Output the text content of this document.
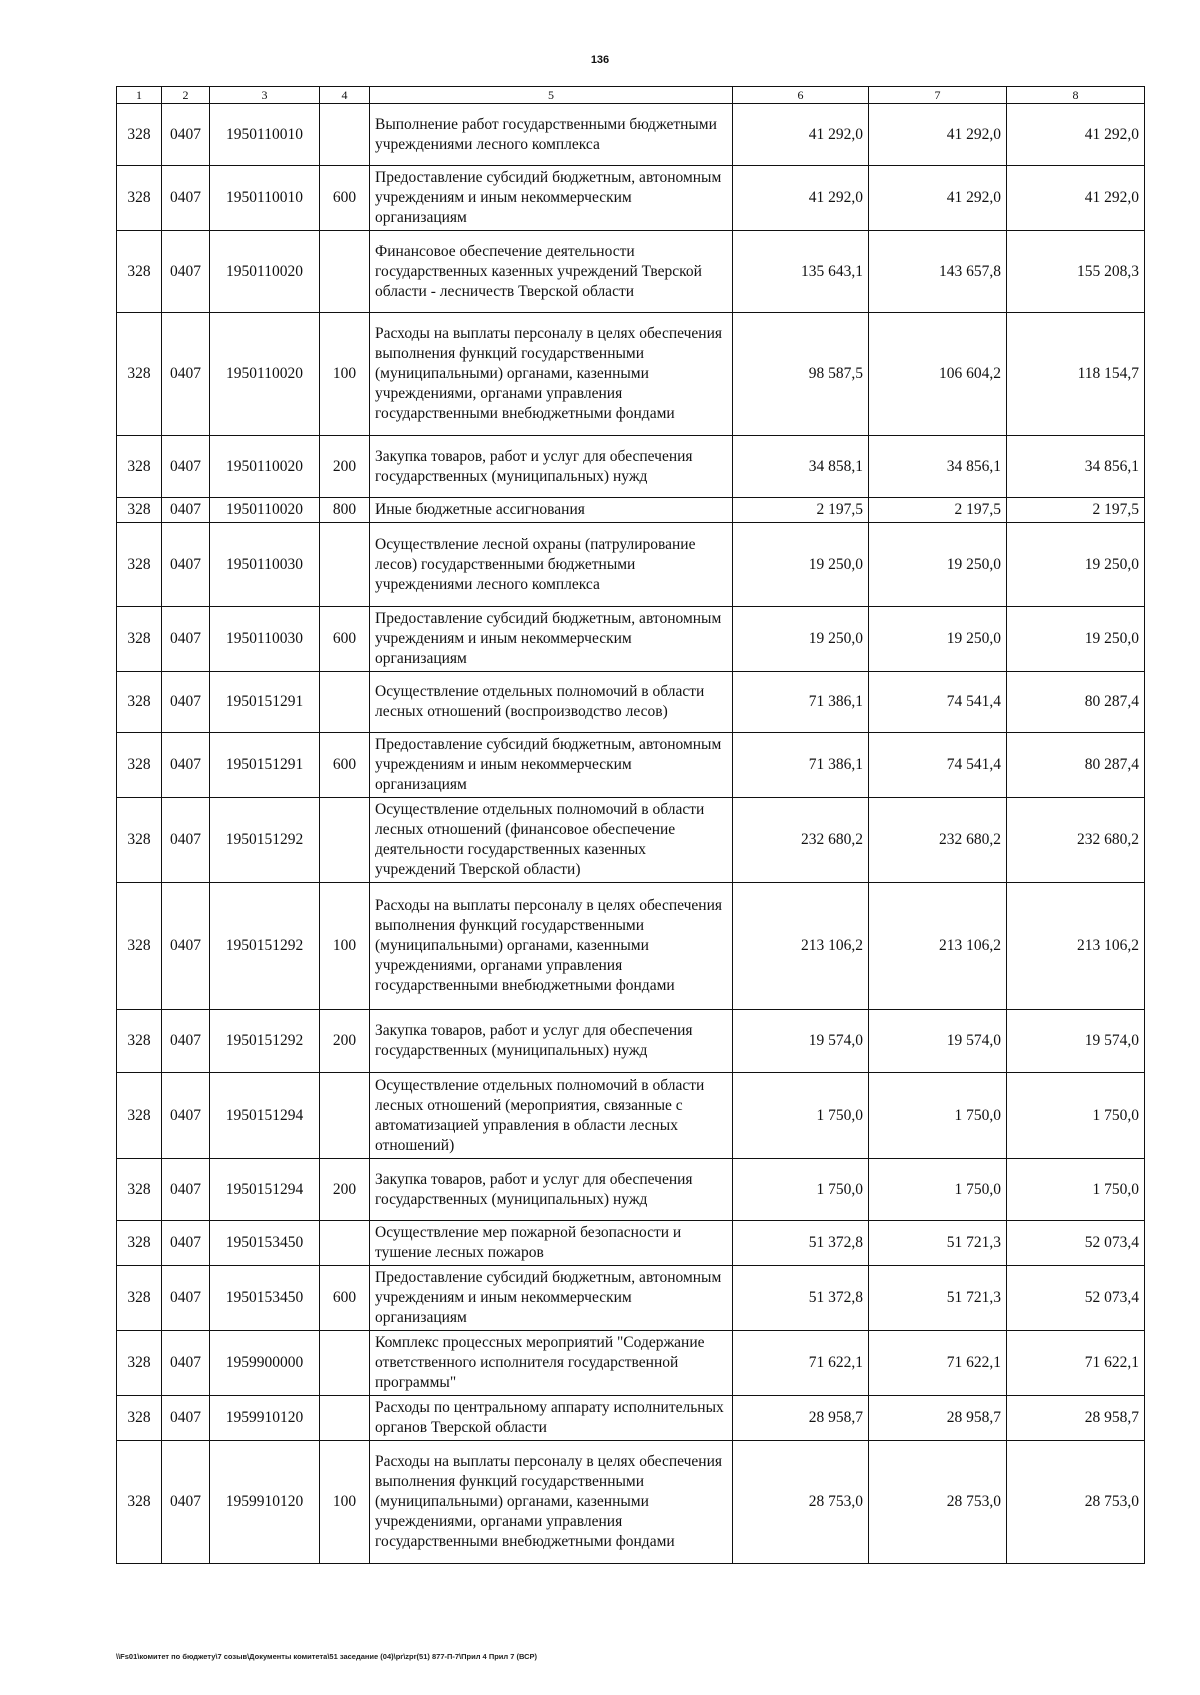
136
1	2	3	4	5	6	7	8
328	0407	1950110010		Выполнение работ государственными бюджетными учреждениями лесного комплекса	41 292,0	41 292,0	41 292,0
328	0407	1950110010	600	Предоставление субсидий бюджетным, автономным учреждениям и иным некоммерческим организациям	41 292,0	41 292,0	41 292,0
328	0407	1950110020		Финансовое обеспечение деятельности государственных казенных учреждений Тверской области - лесничеств Тверской области	135 643,1	143 657,8	155 208,3
328	0407	1950110020	100	Расходы на выплаты персоналу в целях обеспечения выполнения функций государственными (муниципальными) органами, казенными учреждениями, органами управления государственными внебюджетными фондами	98 587,5	106 604,2	118 154,7
328	0407	1950110020	200	Закупка товаров, работ и услуг для обеспечения государственных (муниципальных) нужд	34 858,1	34 856,1	34 856,1
328	0407	1950110020	800	Иные бюджетные ассигнования	2 197,5	2 197,5	2 197,5
328	0407	1950110030		Осуществление лесной охраны (патрулирование лесов) государственными бюджетными учреждениями лесного комплекса	19 250,0	19 250,0	19 250,0
328	0407	1950110030	600	Предоставление субсидий бюджетным, автономным учреждениям и иным некоммерческим организациям	19 250,0	19 250,0	19 250,0
328	0407	1950151291		Осуществление отдельных полномочий в области лесных отношений (воспроизводство лесов)	71 386,1	74 541,4	80 287,4
328	0407	1950151291	600	Предоставление субсидий бюджетным, автономным учреждениям и иным некоммерческим организациям	71 386,1	74 541,4	80 287,4
328	0407	1950151292		Осуществление отдельных полномочий в области лесных отношений (финансовое обеспечение деятельности государственных казенных учреждений Тверской области)	232 680,2	232 680,2	232 680,2
328	0407	1950151292	100	Расходы на выплаты персоналу в целях обеспечения выполнения функций государственными (муниципальными) органами, казенными учреждениями, органами управления государственными внебюджетными фондами	213 106,2	213 106,2	213 106,2
328	0407	1950151292	200	Закупка товаров, работ и услуг для обеспечения государственных (муниципальных) нужд	19 574,0	19 574,0	19 574,0
328	0407	1950151294		Осуществление отдельных полномочий в области лесных отношений (мероприятия, связанные с автоматизацией управления в области лесных отношений)	1 750,0	1 750,0	1 750,0
328	0407	1950151294	200	Закупка товаров, работ и услуг для обеспечения государственных (муниципальных) нужд	1 750,0	1 750,0	1 750,0
328	0407	1950153450		Осуществление мер пожарной безопасности и тушение лесных пожаров	51 372,8	51 721,3	52 073,4
328	0407	1950153450	600	Предоставление субсидий бюджетным, автономным учреждениям и иным некоммерческим организациям	51 372,8	51 721,3	52 073,4
328	0407	1959900000		Комплекс процессных мероприятий "Содержание ответственного исполнителя государственной программы"	71 622,1	71 622,1	71 622,1
328	0407	1959910120		Расходы по центральному аппарату исполнительных органов Тверской области	28 958,7	28 958,7	28 958,7
328	0407	1959910120	100	Расходы на выплаты персоналу в целях обеспечения выполнения функций государственными (муниципальными) органами, казенными учреждениями, органами управления государственными внебюджетными фондами	28 753,0	28 753,0	28 753,0
\\Fs01\комитет по бюджету\7 созыв\Документы комитета\51 заседание (04)\pr\zpr(51) 877-П-7\Прил 4 Прил 7 (ВСР)
